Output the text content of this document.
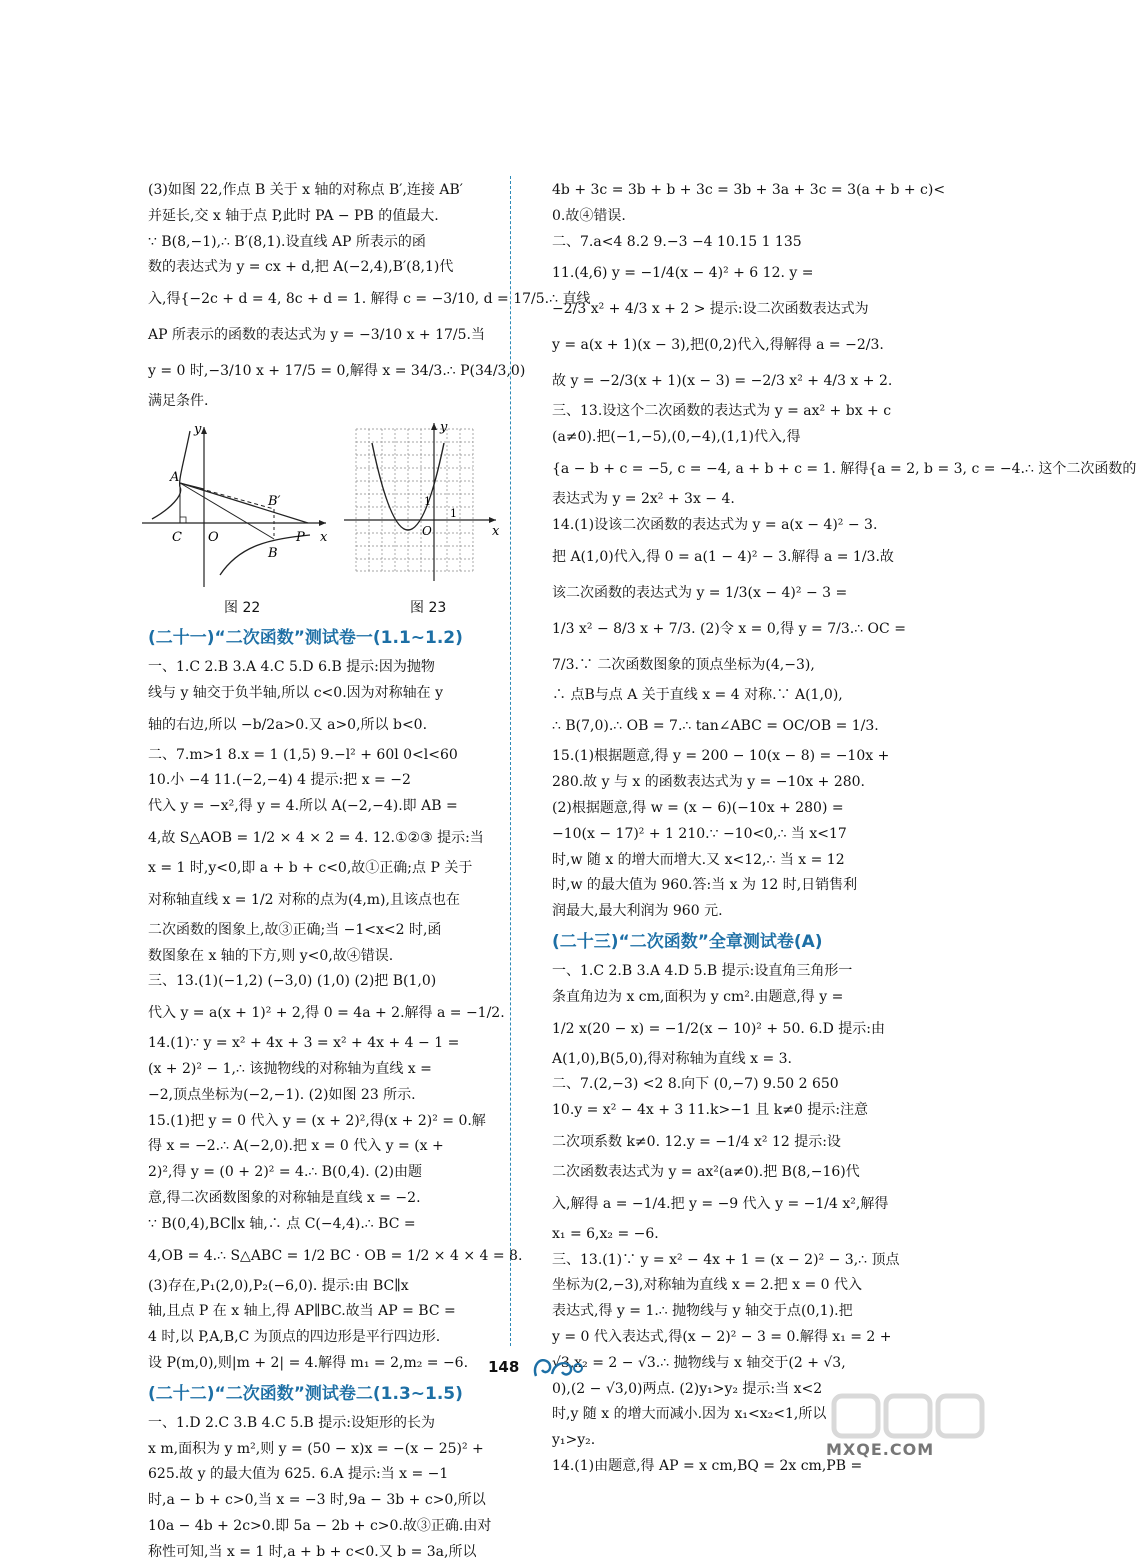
(3)如图 22,作点 B 关于 x 轴的对称点 B′,连接 AB′
并延长,交 x 轴于点 P,此时 PA − PB 的值最大.
∵ B(8,−1),∴ B′(8,1).设直线 AP 所表示的函
数的表达式为 y = cx + d,把 A(−2,4),B′(8,1)代
入,得{−2c + d = 4, 8c + d = 1. 解得 c = −3/10, d = 17/5.∴ 直线
AP 所表示的函数的表达式为 y = −3/10 x + 17/5.当
y = 0 时,−3/10 x + 17/5 = 0,解得 x = 34/3.∴ P(34/3,0)
满足条件.
y
A
B′
C O	P x
B
y
O
1
1
x
图 22	图 23
(二十一)“二次函数”测试卷一(1.1~1.2)
一、1.C 2.B 3.A 4.C 5.D 6.B 提示:因为抛物
线与 y 轴交于负半轴,所以 c<0.因为对称轴在 y
轴的右边,所以 −b/2a>0.又 a>0,所以 b<0.
二、7.m>1 8.x = 1 (1,5) 9.−l² + 60l 0<l<60
10.小 −4 11.(−2,−4) 4 提示:把 x = −2
代入 y = −x²,得 y = 4.所以 A(−2,−4).即 AB =
4,故 S△AOB = 1/2 × 4 × 2 = 4. 12.①②③ 提示:当
x = 1 时,y<0,即 a + b + c<0,故①正确;点 P 关于
对称轴直线 x = 1/2 对称的点为(4,m),且该点也在
二次函数的图象上,故③正确;当 −1<x<2 时,函
数图象在 x 轴的下方,则 y<0,故④错误.
三、13.(1)(−1,2) (−3,0) (1,0) (2)把 B(1,0)
代入 y = a(x + 1)² + 2,得 0 = 4a + 2.解得 a = −1/2.
14.(1)∵ y = x² + 4x + 3 = x² + 4x + 4 − 1 =
(x + 2)² − 1,∴ 该抛物线的对称轴为直线 x =
−2,顶点坐标为(−2,−1). (2)如图 23 所示.
15.(1)把 y = 0 代入 y = (x + 2)²,得(x + 2)² = 0.解
得 x = −2.∴ A(−2,0).把 x = 0 代入 y = (x +
2)²,得 y = (0 + 2)² = 4.∴ B(0,4). (2)由题
意,得二次函数图象的对称轴是直线 x = −2.
∵ B(0,4),BC∥x 轴,∴ 点 C(−4,4).∴ BC =
4,OB = 4.∴ S△ABC = 1/2 BC · OB = 1/2 × 4 × 4 = 8.
(3)存在,P₁(2,0),P₂(−6,0). 提示:由 BC∥x
轴,且点 P 在 x 轴上,得 AP∥BC.故当 AP = BC =
4 时,以 P,A,B,C 为顶点的四边形是平行四边形.
设 P(m,0),则|m + 2| = 4.解得 m₁ = 2,m₂ = −6.
(二十二)“二次函数”测试卷二(1.3~1.5)
一、1.D 2.C 3.B 4.C 5.B 提示:设矩形的长为
x m,面积为 y m²,则 y = (50 − x)x = −(x − 25)² +
625.故 y 的最大值为 625. 6.A 提示:当 x = −1
时,a − b + c>0,当 x = −3 时,9a − 3b + c>0,所以
10a − 4b + 2c>0.即 5a − 2b + c>0.故③正确.由对
称性可知,当 x = 1 时,a + b + c<0.又 b = 3a,所以
4b + 3c = 3b + b + 3c = 3b + 3a + 3c = 3(a + b + c)<
0.故④错误.
二、7.a<4 8.2 9.−3 −4 10.15 1 135
11.(4,6) y = −1/4(x − 4)² + 6 12. y =
−2/3 x² + 4/3 x + 2 > 提示:设二次函数表达式为
y = a(x + 1)(x − 3),把(0,2)代入,得解得 a = −2/3.
故 y = −2/3(x + 1)(x − 3) = −2/3 x² + 4/3 x + 2.
三、13.设这个二次函数的表达式为 y = ax² + bx + c
(a≠0).把(−1,−5),(0,−4),(1,1)代入,得
{a − b + c = −5, c = −4, a + b + c = 1. 解得{a = 2, b = 3, c = −4.∴ 这个二次函数的
表达式为 y = 2x² + 3x − 4.
14.(1)设该二次函数的表达式为 y = a(x − 4)² − 3.
把 A(1,0)代入,得 0 = a(1 − 4)² − 3.解得 a = 1/3.故
该二次函数的表达式为 y = 1/3(x − 4)² − 3 =
1/3 x² − 8/3 x + 7/3. (2)令 x = 0,得 y = 7/3.∴ OC =
7/3.∵ 二次函数图象的顶点坐标为(4,−3),
∴ 点B与点 A 关于直线 x = 4 对称.∵ A(1,0),
∴ B(7,0).∴ OB = 7.∴ tan∠ABC = OC/OB = 1/3.
15.(1)根据题意,得 y = 200 − 10(x − 8) = −10x +
280.故 y 与 x 的函数表达式为 y = −10x + 280.
(2)根据题意,得 w = (x − 6)(−10x + 280) =
−10(x − 17)² + 1 210.∵ −10<0,∴ 当 x<17
时,w 随 x 的增大而增大.又 x<12,∴ 当 x = 12
时,w 的最大值为 960.答:当 x 为 12 时,日销售利
润最大,最大利润为 960 元.
(二十三)“二次函数”全章测试卷(A)
一、1.C 2.B 3.A 4.D 5.B 提示:设直角三角形一
条直角边为 x cm,面积为 y cm².由题意,得 y =
1/2 x(20 − x) = −1/2(x − 10)² + 50. 6.D 提示:由
A(1,0),B(5,0),得对称轴为直线 x = 3.
二、7.(2,−3) <2 8.向下 (0,−7) 9.50 2 650
10.y = x² − 4x + 3 11.k>−1 且 k≠0 提示:注意
二次项系数 k≠0. 12.y = −1/4 x² 12 提示:设
二次函数表达式为 y = ax²(a≠0).把 B(8,−16)代
入,解得 a = −1/4.把 y = −9 代入 y = −1/4 x²,解得
x₁ = 6,x₂ = −6.
三、13.(1)∵ y = x² − 4x + 1 = (x − 2)² − 3,∴ 顶点
坐标为(2,−3),对称轴为直线 x = 2.把 x = 0 代入
表达式,得 y = 1.∴ 抛物线与 y 轴交于点(0,1).把
y = 0 代入表达式,得(x − 2)² − 3 = 0.解得 x₁ = 2 +
√3,x₂ = 2 − √3.∴ 抛物线与 x 轴交于(2 + √3,
0),(2 − √3,0)两点. (2)y₁>y₂ 提示:当 x<2
时,y 随 x 的增大而减小.因为 x₁<x₂<1,所以
y₁>y₂.
14.(1)由题意,得 AP = x cm,BQ = 2x cm,PB =
148
MXQE.COM
